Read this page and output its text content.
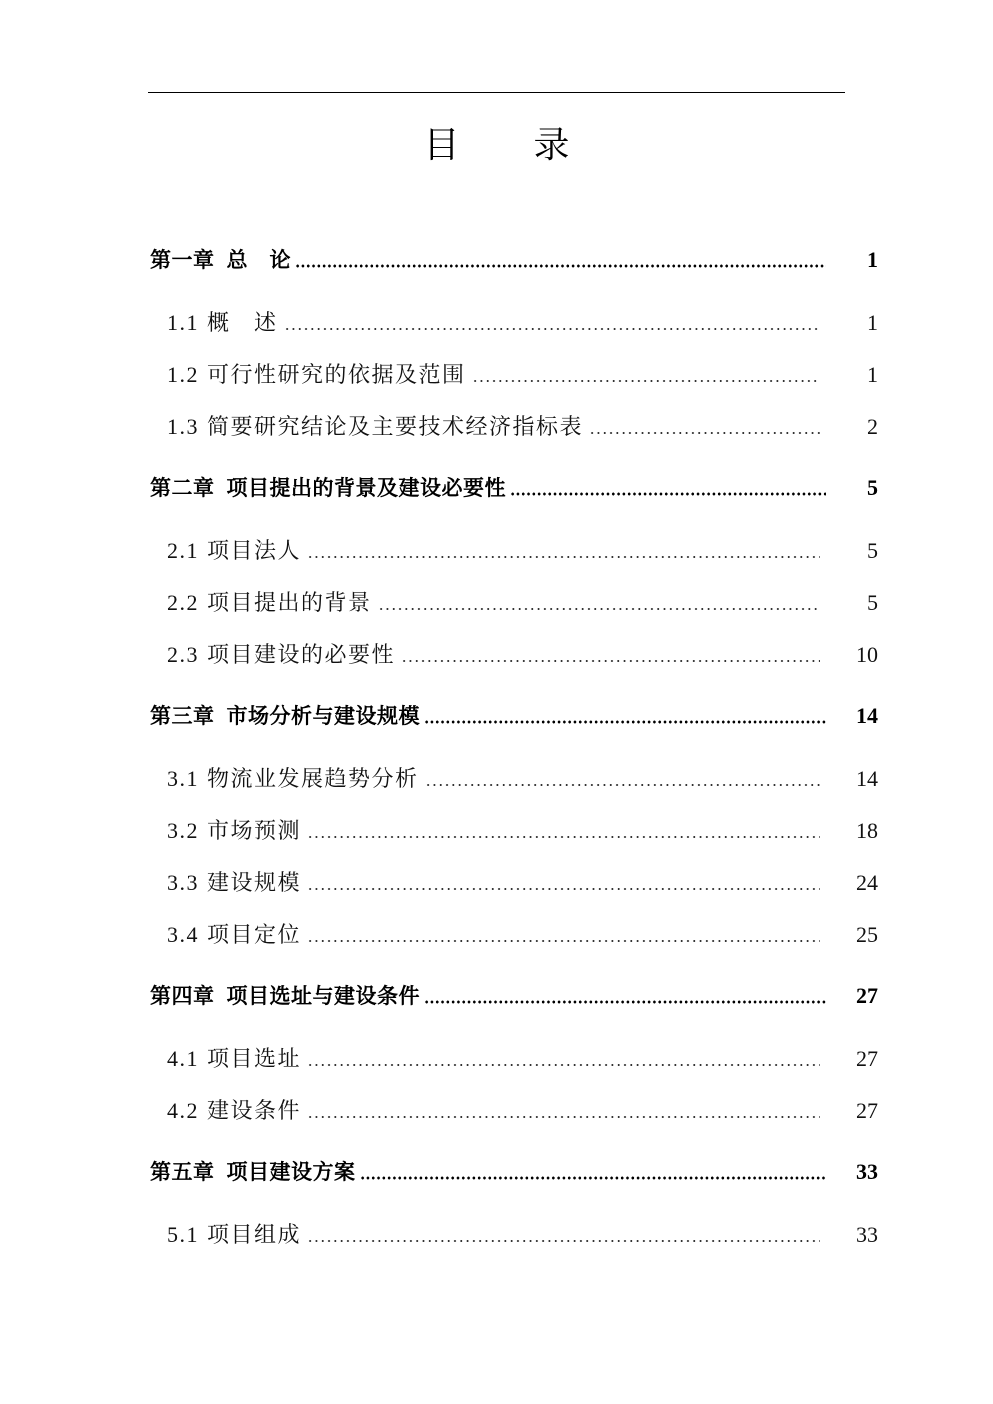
目 录
第一章 总　论	1
1.1 概　述	1
1.2 可行性研究的依据及范围	1
1.3 简要研究结论及主要技术经济指标表	2
第二章 项目提出的背景及建设必要性	5
2.1 项目法人	5
2.2 项目提出的背景	5
2.3 项目建设的必要性	10
第三章 市场分析与建设规模	14
3.1 物流业发展趋势分析	14
3.2 市场预测	18
3.3 建设规模	24
3.4 项目定位	25
第四章 项目选址与建设条件	27
4.1 项目选址	27
4.2 建设条件	27
第五章 项目建设方案	33
5.1 项目组成	33
